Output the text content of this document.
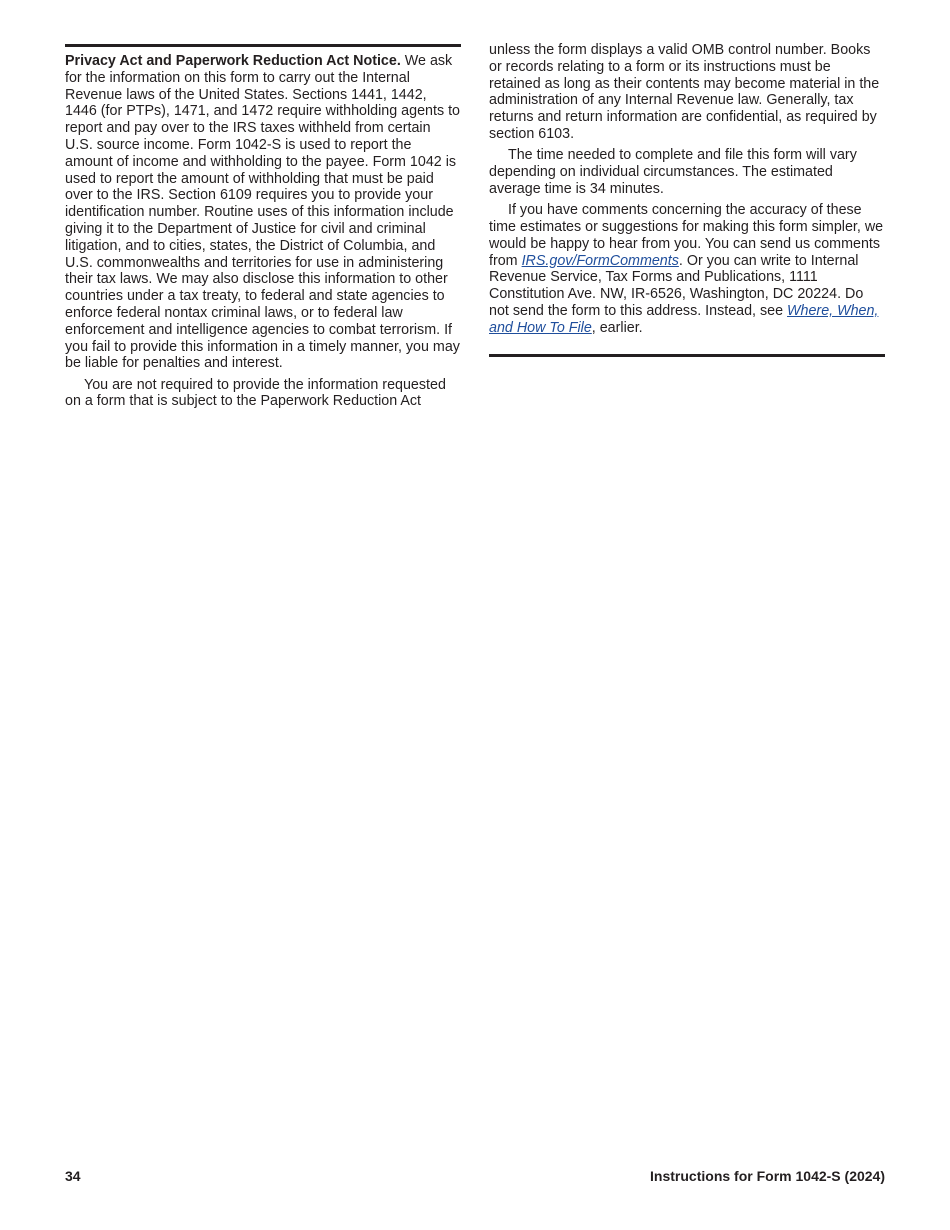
Privacy Act and Paperwork Reduction Act Notice. We ask for the information on this form to carry out the Internal Revenue laws of the United States. Sections 1441, 1442, 1446 (for PTPs), 1471, and 1472 require withholding agents to report and pay over to the IRS taxes withheld from certain U.S. source income. Form 1042-S is used to report the amount of income and withholding to the payee. Form 1042 is used to report the amount of withholding that must be paid over to the IRS. Section 6109 requires you to provide your identification number. Routine uses of this information include giving it to the Department of Justice for civil and criminal litigation, and to cities, states, the District of Columbia, and U.S. commonwealths and territories for use in administering their tax laws. We may also disclose this information to other countries under a tax treaty, to federal and state agencies to enforce federal nontax criminal laws, or to federal law enforcement and intelligence agencies to combat terrorism. If you fail to provide this information in a timely manner, you may be liable for penalties and interest.

You are not required to provide the information requested on a form that is subject to the Paperwork Reduction Act

unless the form displays a valid OMB control number. Books or records relating to a form or its instructions must be retained as long as their contents may become material in the administration of any Internal Revenue law. Generally, tax returns and return information are confidential, as required by section 6103.

The time needed to complete and file this form will vary depending on individual circumstances. The estimated average time is 34 minutes.

If you have comments concerning the accuracy of these time estimates or suggestions for making this form simpler, we would be happy to hear from you. You can send us comments from IRS.gov/FormComments. Or you can write to Internal Revenue Service, Tax Forms and Publications, 1111 Constitution Ave. NW, IR-6526, Washington, DC 20224. Do not send the form to this address. Instead, see Where, When, and How To File, earlier.

34	Instructions for Form 1042-S (2024)
